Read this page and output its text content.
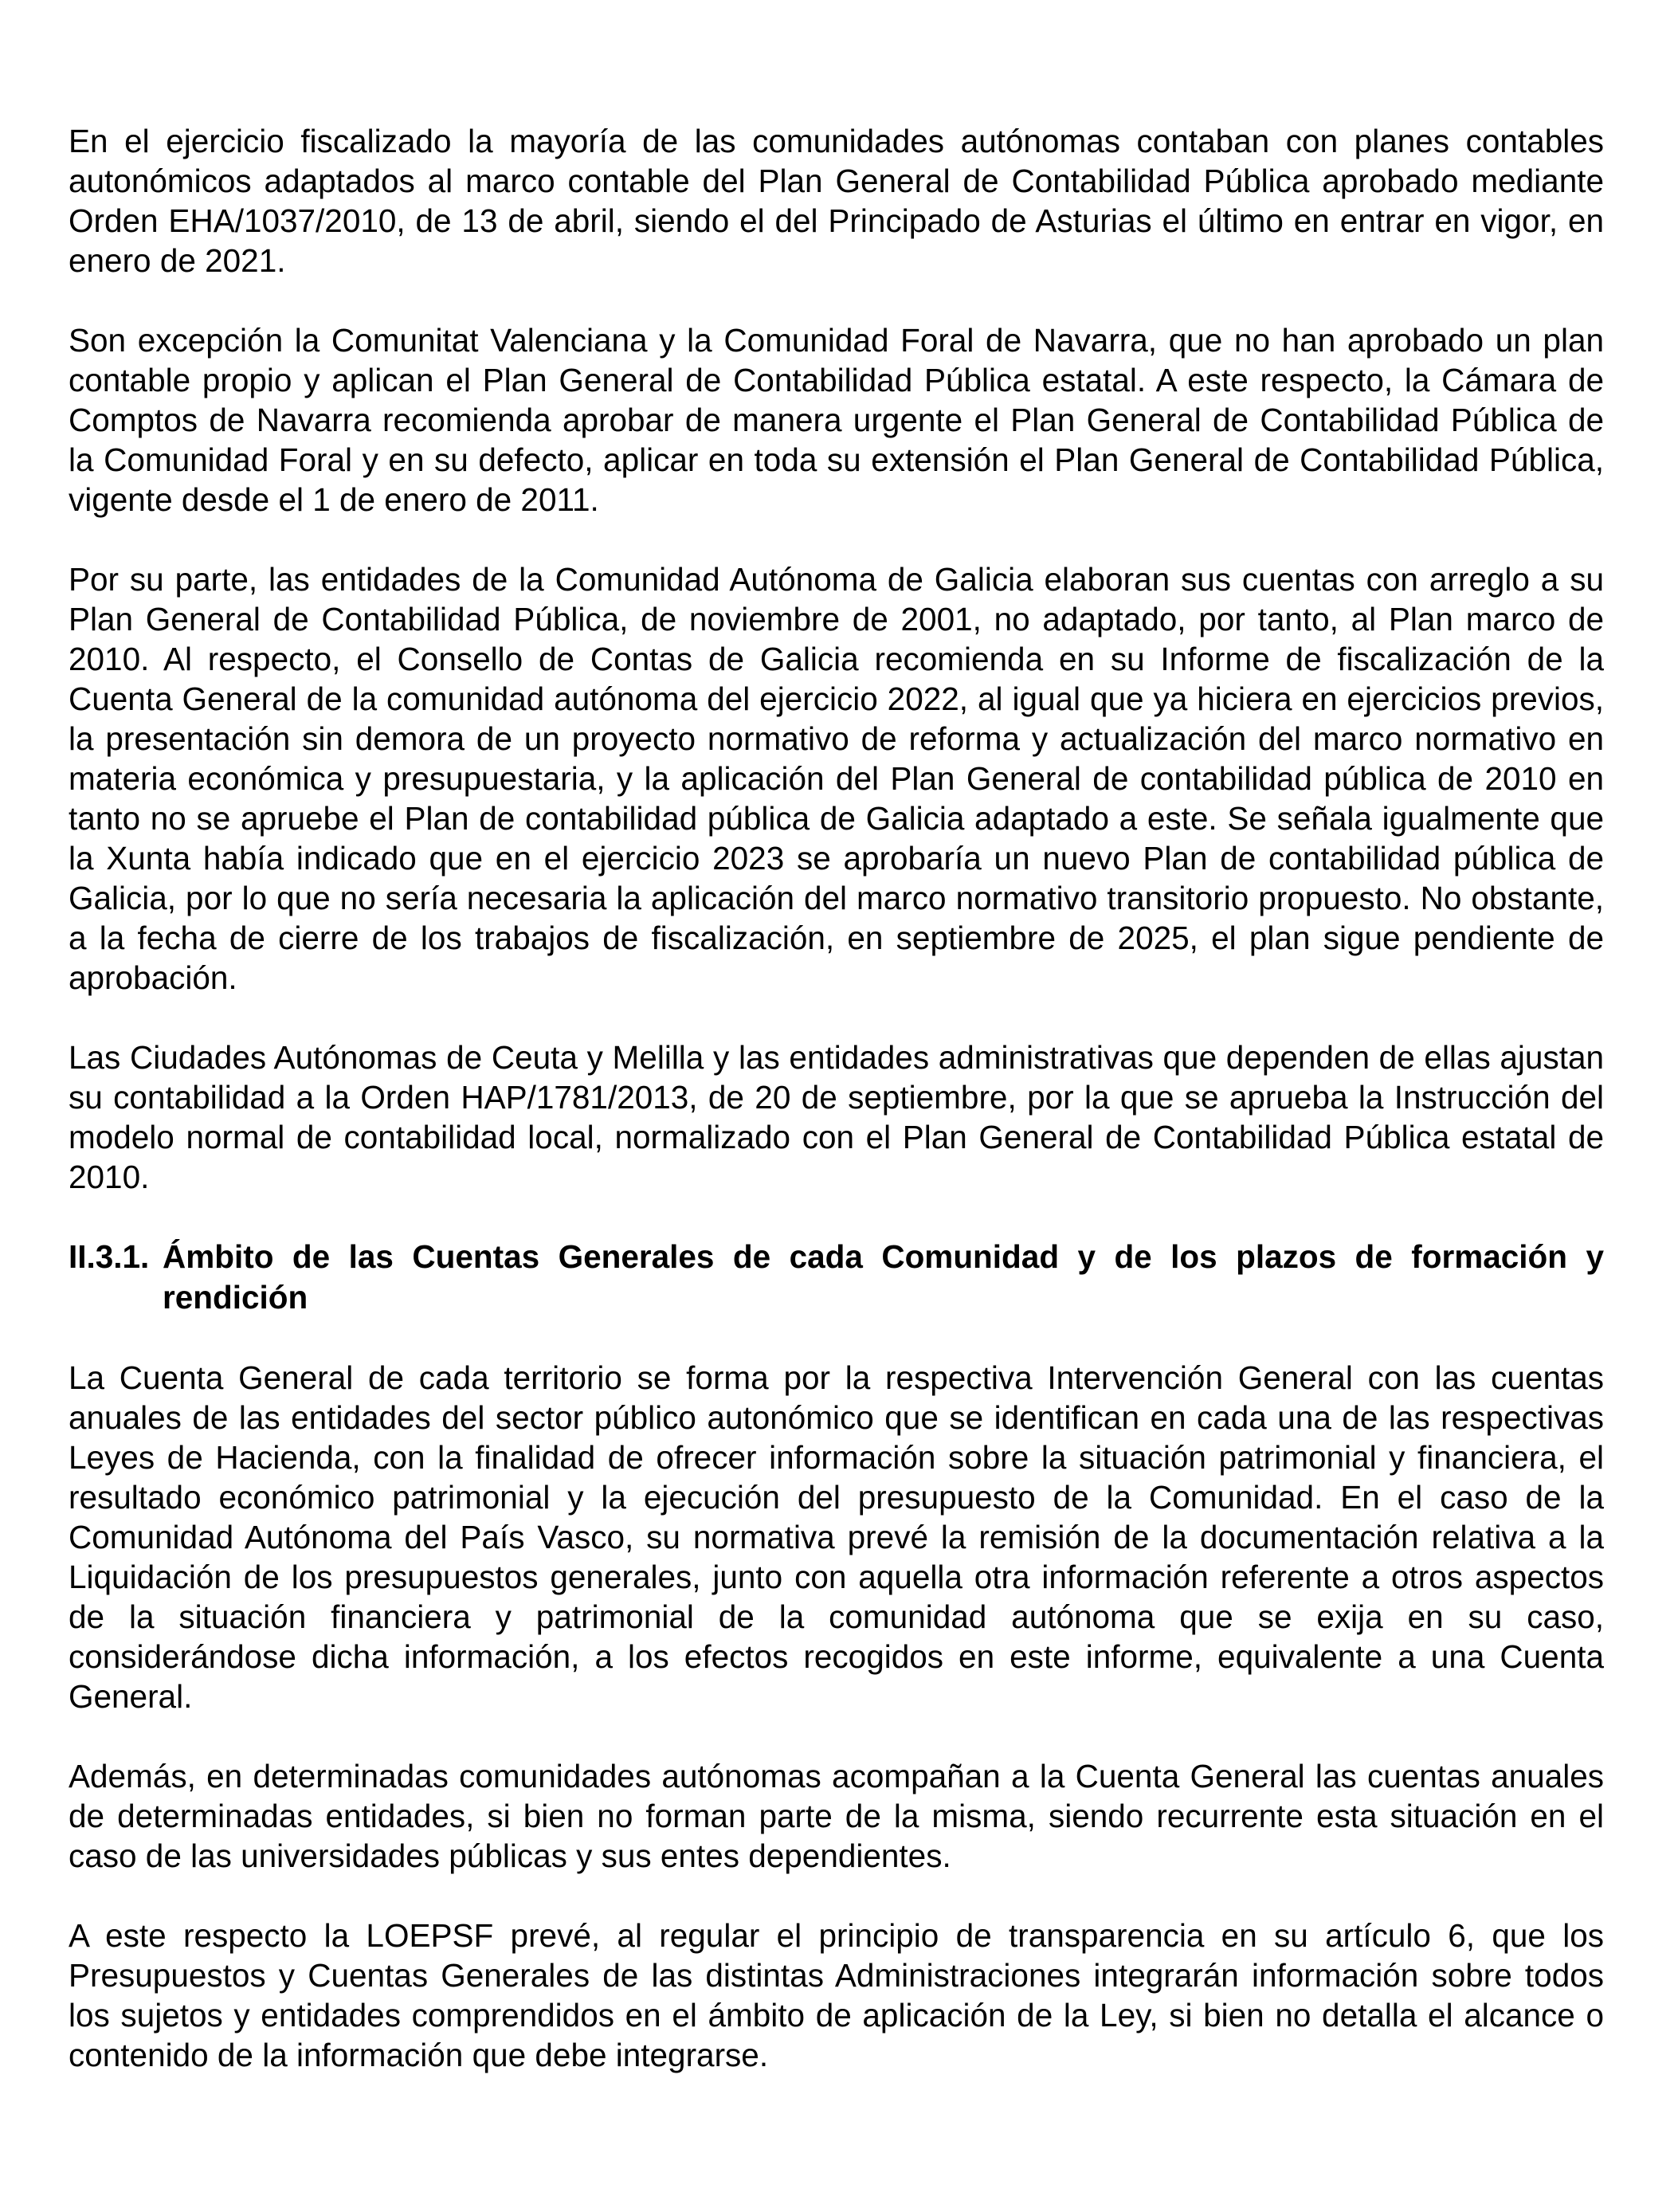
En el ejercicio fiscalizado la mayoría de las comunidades autónomas contaban con planes contables autonómicos adaptados al marco contable del Plan General de Contabilidad Pública aprobado mediante Orden EHA/1037/2010, de 13 de abril, siendo el del Principado de Asturias el último en entrar en vigor, en enero de 2021.

Son excepción la Comunitat Valenciana y la Comunidad Foral de Navarra, que no han aprobado un plan contable propio y aplican el Plan General de Contabilidad Pública estatal. A este respecto, la Cámara de Comptos de Navarra recomienda aprobar de manera urgente el Plan General de Contabilidad Pública de la Comunidad Foral y en su defecto, aplicar en toda su extensión el Plan General de Contabilidad Pública, vigente desde el 1 de enero de 2011.

Por su parte, las entidades de la Comunidad Autónoma de Galicia elaboran sus cuentas con arreglo a su Plan General de Contabilidad Pública, de noviembre de 2001, no adaptado, por tanto, al Plan marco de 2010. Al respecto, el Consello de Contas de Galicia recomienda en su Informe de fiscalización de la Cuenta General de la comunidad autónoma del ejercicio 2022, al igual que ya hiciera en ejercicios previos, la presentación sin demora de un proyecto normativo de reforma y actualización del marco normativo en materia económica y presupuestaria, y la aplicación del Plan General de contabilidad pública de 2010 en tanto no se apruebe el Plan de contabilidad pública de Galicia adaptado a este. Se señala igualmente que la Xunta había indicado que en el ejercicio 2023 se aprobaría un nuevo Plan de contabilidad pública de Galicia, por lo que no sería necesaria la aplicación del marco normativo transitorio propuesto. No obstante, a la fecha de cierre de los trabajos de fiscalización, en septiembre de 2025, el plan sigue pendiente de aprobación.

Las Ciudades Autónomas de Ceuta y Melilla y las entidades administrativas que dependen de ellas ajustan su contabilidad a la Orden HAP/1781/2013, de 20 de septiembre, por la que se aprueba la Instrucción del modelo normal de contabilidad local, normalizado con el Plan General de Contabilidad Pública estatal de 2010.

II.3.1. Ámbito de las Cuentas Generales de cada Comunidad y de los plazos de formación y rendición

La Cuenta General de cada territorio se forma por la respectiva Intervención General con las cuentas anuales de las entidades del sector público autonómico que se identifican en cada una de las respectivas Leyes de Hacienda, con la finalidad de ofrecer información sobre la situación patrimonial y financiera, el resultado económico patrimonial y la ejecución del presupuesto de la Comunidad. En el caso de la Comunidad Autónoma del País Vasco, su normativa prevé la remisión de la documentación relativa a la Liquidación de los presupuestos generales, junto con aquella otra información referente a otros aspectos de la situación financiera y patrimonial de la comunidad autónoma que se exija en su caso, considerándose dicha información, a los efectos recogidos en este informe, equivalente a una Cuenta General.

Además, en determinadas comunidades autónomas acompañan a la Cuenta General las cuentas anuales de determinadas entidades, si bien no forman parte de la misma, siendo recurrente esta situación en el caso de las universidades públicas y sus entes dependientes.

A este respecto la LOEPSF prevé, al regular el principio de transparencia en su artículo 6, que los Presupuestos y Cuentas Generales de las distintas Administraciones integrarán información sobre todos los sujetos y entidades comprendidos en el ámbito de aplicación de la Ley, si bien no detalla el alcance o contenido de la información que debe integrarse.
